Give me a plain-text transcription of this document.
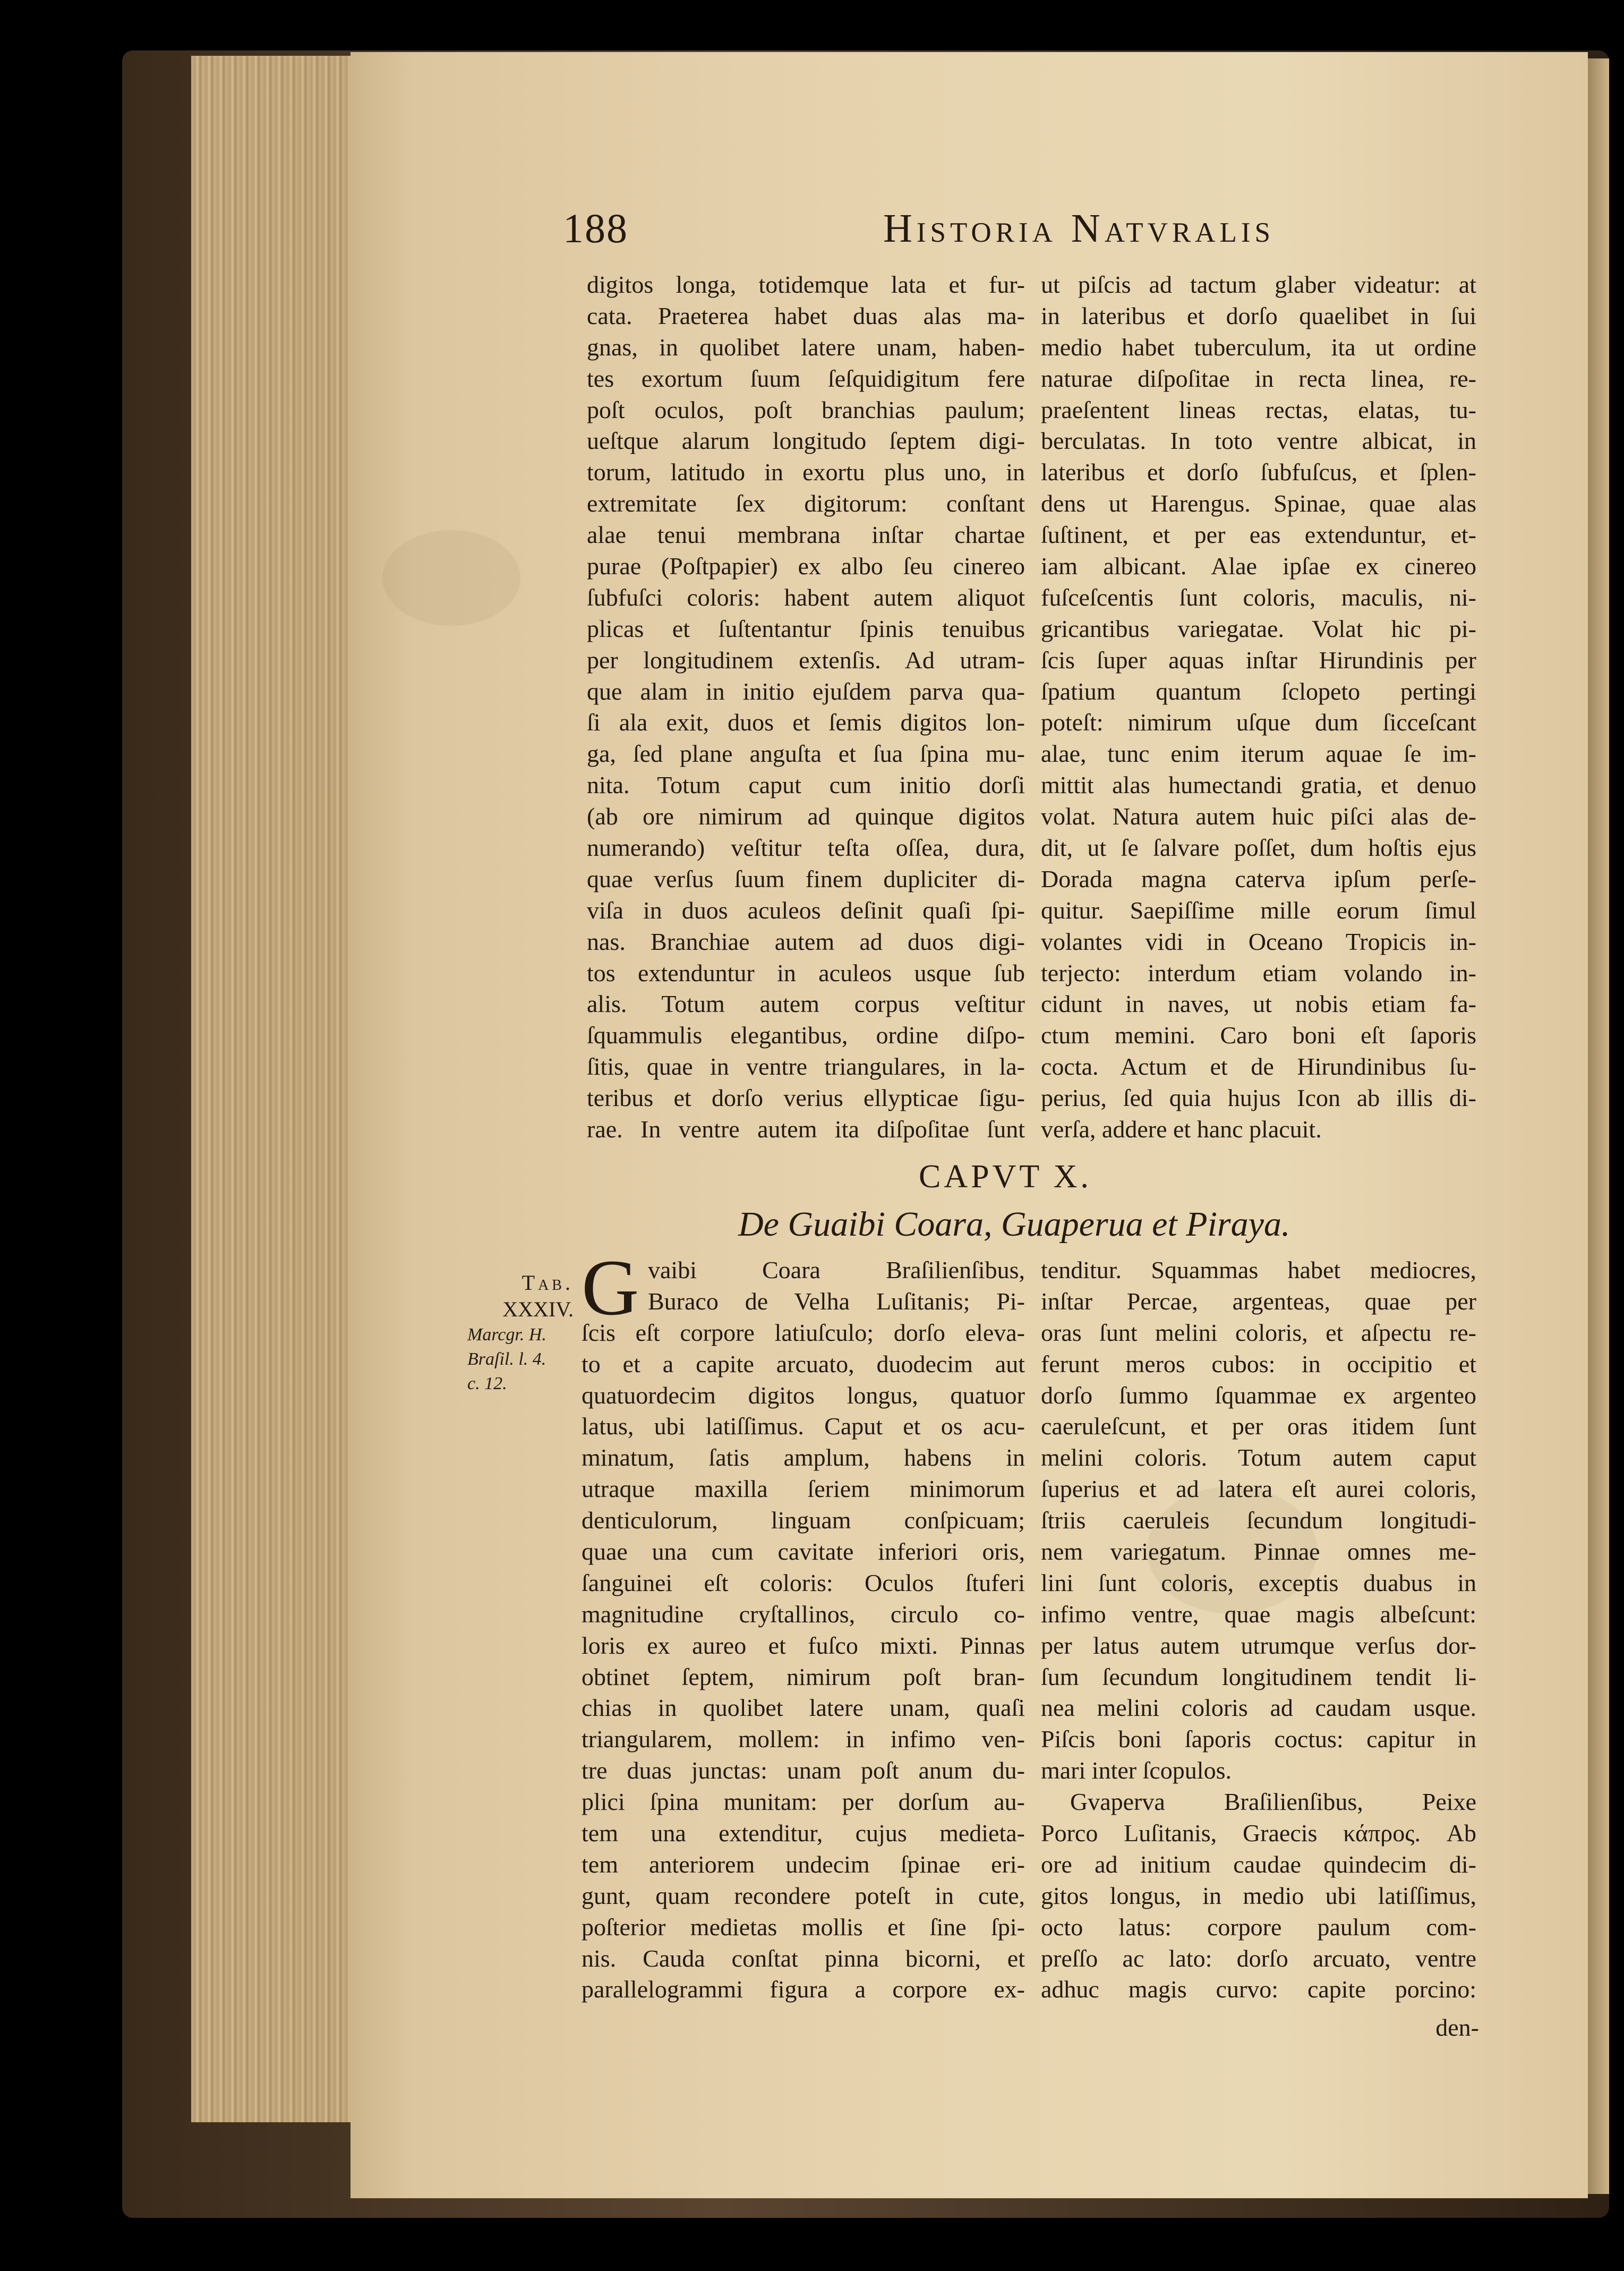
188	Historia Natvralis
digitos longa, totidemque lata et fur-
cata. Praeterea habet duas alas ma-
gnas, in quolibet latere unam, haben-
tes exortum ſuum ſeſquidigitum fere
poſt oculos, poſt branchias paulum;
ueſtque alarum longitudo ſeptem digi-
torum, latitudo in exortu plus uno, in
extremitate ſex digitorum: conſtant
alae tenui membrana inſtar chartae
purae (Poſtpapier) ex albo ſeu cinereo
ſubfuſci coloris: habent autem aliquot
plicas et ſuſtentantur ſpinis tenuibus
per longitudinem extenſis. Ad utram-
que alam in initio ejuſdem parva qua-
ſi ala exit, duos et ſemis digitos lon-
ga, ſed plane anguſta et ſua ſpina mu-
nita. Totum caput cum initio dorſi
(ab ore nimirum ad quinque digitos
numerando) veſtitur teſta oſſea, dura,
quae verſus ſuum finem dupliciter di-
viſa in duos aculeos deſinit quaſi ſpi-
nas. Branchiae autem ad duos digi-
tos extenduntur in aculeos usque ſub
alis. Totum autem corpus veſtitur
ſquammulis elegantibus, ordine diſpo-
ſitis, quae in ventre triangulares, in la-
teribus et dorſo verius ellypticae ſigu-
rae. In ventre autem ita diſpoſitae ſunt
ut piſcis ad tactum glaber videatur: at
in lateribus et dorſo quaelibet in ſui
medio habet tuberculum, ita ut ordine
naturae diſpoſitae in recta linea, re-
praeſentent lineas rectas, elatas, tu-
berculatas. In toto ventre albicat, in
lateribus et dorſo ſubfuſcus, et ſplen-
dens ut Harengus. Spinae, quae alas
ſuſtinent, et per eas extenduntur, et-
iam albicant. Alae ipſae ex cinereo
fuſceſcentis ſunt coloris, maculis, ni-
gricantibus variegatae. Volat hic pi-
ſcis ſuper aquas inſtar Hirundinis per
ſpatium quantum ſclopeto pertingi
poteſt: nimirum uſque dum ſicceſcant
alae, tunc enim iterum aquae ſe im-
mittit alas humectandi gratia, et denuo
volat. Natura autem huic piſci alas de-
dit, ut ſe ſalvare poſſet, dum hoſtis ejus
Dorada magna caterva ipſum perſe-
quitur. Saepiſſime mille eorum ſimul
volantes vidi in Oceano Tropicis in-
terjecto: interdum etiam volando in-
cidunt in naves, ut nobis etiam fa-
ctum memini. Caro boni eſt ſaporis
cocta. Actum et de Hirundinibus ſu-
perius, ſed quia hujus Icon ab illis di-
verſa, addere et hanc placuit.
CAPVT X.
De Guaibi Coara, Guaperua et Piraya.
Tab.
XXXIV.
Marcgr. H.
Braſil. l. 4.
c. 12.
G vaibi Coara Braſilienſibus,
Buraco de Velha Luſitanis; Pi-
ſcis eſt corpore latiuſculo; dorſo eleva-
to et a capite arcuato, duodecim aut
quatuordecim digitos longus, quatuor
latus, ubi latiſſimus. Caput et os acu-
minatum, ſatis amplum, habens in
utraque maxilla ſeriem minimorum
denticulorum, linguam conſpicuam;
quae una cum cavitate inferiori oris,
ſanguinei eſt coloris: Oculos ſtuferi
magnitudine cryſtallinos, circulo co-
loris ex aureo et fuſco mixti. Pinnas
obtinet ſeptem, nimirum poſt bran-
chias in quolibet latere unam, quaſi
triangularem, mollem: in infimo ven-
tre duas junctas: unam poſt anum du-
plici ſpina munitam: per dorſum au-
tem una extenditur, cujus medieta-
tem anteriorem undecim ſpinae eri-
gunt, quam recondere poteſt in cute,
poſterior medietas mollis et ſine ſpi-
nis. Cauda conſtat pinna bicorni, et
parallelogrammi figura a corpore ex-
tenditur. Squammas habet mediocres,
inſtar Percae, argenteas, quae per
oras ſunt melini coloris, et aſpectu re-
ferunt meros cubos: in occipitio et
dorſo ſummo ſquammae ex argenteo
caeruleſcunt, et per oras itidem ſunt
melini coloris. Totum autem caput
ſuperius et ad latera eſt aurei coloris,
ſtriis caeruleis ſecundum longitudi-
nem variegatum. Pinnae omnes me-
lini ſunt coloris, exceptis duabus in
infimo ventre, quae magis albeſcunt:
per latus autem utrumque verſus dor-
ſum ſecundum longitudinem tendit li-
nea melini coloris ad caudam usque.
Piſcis boni ſaporis coctus: capitur in
mari inter ſcopulos.
Gvaperva Braſilienſibus, Peixe
Porco Luſitanis, Graecis κάπρος. Ab
ore ad initium caudae quindecim di-
gitos longus, in medio ubi latiſſimus,
octo latus: corpore paulum com-
preſſo ac lato: dorſo arcuato, ventre
adhuc magis curvo: capite porcino:
den-
